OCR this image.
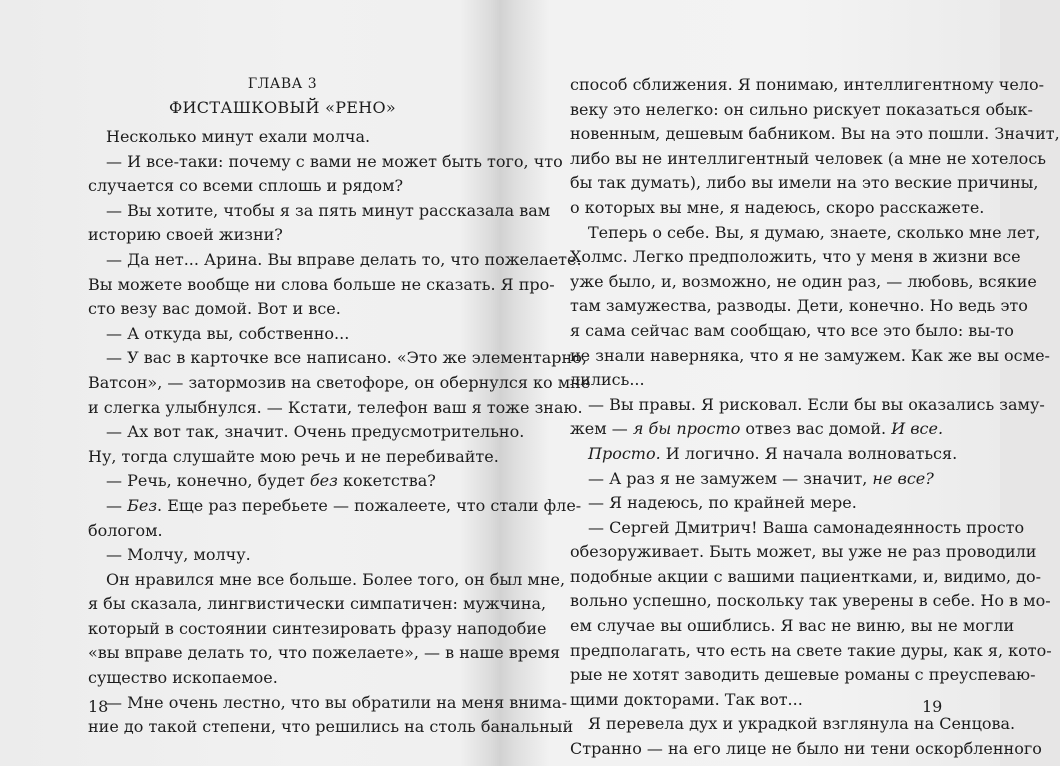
ГЛАВА 3
ФИСТАШКОВЫЙ «РЕНО»
Несколько минут ехали молча.
— И все-таки: почему с вами не может быть того, что
случается со всеми сплошь и рядом?
— Вы хотите, чтобы я за пять минут рассказала вам
историю своей жизни?
— Да нет... Арина. Вы вправе делать то, что пожелаете.
Вы можете вообще ни слова больше не сказать. Я про-
сто везу вас домой. Вот и все.
— А откуда вы, собственно...
— У вас в карточке все написано. «Это же элементарно,
Ватсон», — затормозив на светофоре, он обернулся ко мне
и слегка улыбнулся. — Кстати, телефон ваш я тоже знаю.
— Ах вот так, значит. Очень предусмотрительно.
Ну, тогда слушайте мою речь и не перебивайте.
— Речь, конечно, будет без кокетства?
— Без. Еще раз перебьете — пожалеете, что стали фле-
бологом.
— Молчу, молчу.
Он нравился мне все больше. Более того, он был мне,
я бы сказала, лингвистически симпатичен: мужчина,
который в состоянии синтезировать фразу наподобие
«вы вправе делать то, что пожелаете», — в наше время
существо ископаемое.
— Мне очень лестно, что вы обратили на меня внима-
ние до такой степени, что решились на столь банальный
способ сближения. Я понимаю, интеллигентному чело-
веку это нелегко: он сильно рискует показаться обык-
новенным, дешевым бабником. Вы на это пошли. Значит,
либо вы не интеллигентный человек (а мне не хотелось
бы так думать), либо вы имели на это веские причины,
о которых вы мне, я надеюсь, скоро расскажете.
Теперь о себе. Вы, я думаю, знаете, сколько мне лет,
Холмс. Легко предположить, что у меня в жизни все
уже было, и, возможно, не один раз, — любовь, всякие
там замужества, разводы. Дети, конечно. Но ведь это
я сама сейчас вам сообщаю, что все это было: вы-то
не знали наверняка, что я не замужем. Как же вы осме-
лились...
— Вы правы. Я рисковал. Если бы вы оказались заму-
жем — я бы просто отвез вас домой. И все.
Просто. И логично. Я начала волноваться.
— А раз я не замужем — значит, не все?
— Я надеюсь, по крайней мере.
— Сергей Дмитрич! Ваша самонадеянность просто
обезоруживает. Быть может, вы уже не раз проводили
подобные акции с вашими пациентками, и, видимо, до-
вольно успешно, поскольку так уверены в себе. Но в мо-
ем случае вы ошиблись. Я вас не виню, вы не могли
предполагать, что есть на свете такие дуры, как я, кото-
рые не хотят заводить дешевые романы с преуспеваю-
щими докторами. Так вот...
Я перевела дух и украдкой взглянула на Сенцова.
Странно — на его лице не было ни тени оскорбленного
18	19
